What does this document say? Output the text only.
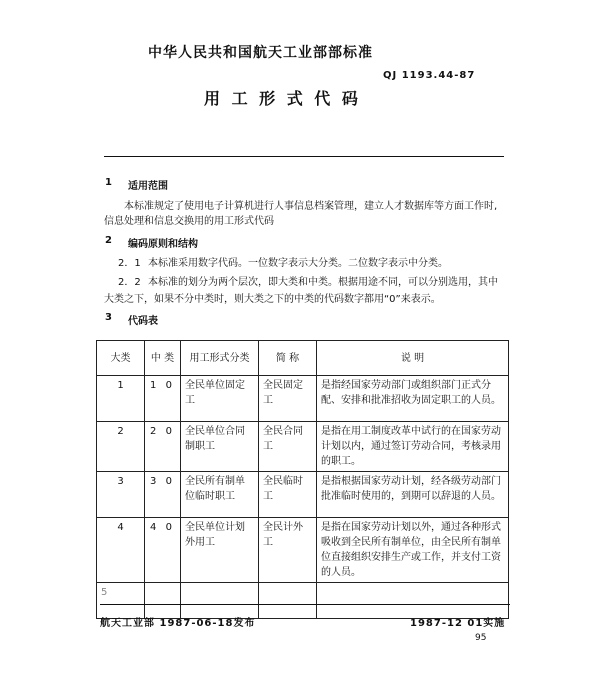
中华人民共和国航天工业部部标准
QJ 1193.44-87
用 工 形 式 代 码
1 适用范围
本标准规定了使用电子计算机进行人事信息档案管理，建立人才数据库等方面工作时,
信息处理和信息交换用的用工形式代码
2 编码原则和结构
2．1 本标准采用数字代码。一位数字表示大分类。二位数字表示中分类。
2．2 本标准的划分为两个层次，即大类和中类。根据用途不同，可以分别选用，其中
大类之下，如果不分中类时，则大类之下的中类的代码数字都用“0”来表示。
3 代码表
大类	中 类	用工形式分类	简 称	说 明
1	1 0	全民单位固定工	全民固定工	是指经国家劳动部门或组织部门正式分配、安排和批准招收为固定职工的人员。
2	2 0	全民单位合同制职工	全民合同工	是指在用工制度改革中试行的在国家劳动计划以内，通过签订劳动合同，考核录用的职工。
3	3 0	全民所有制单位临时职工	全民临时工	是指根据国家劳动计划，经各级劳动部门批准临时使用的，到期可以辞退的人员。
4	4 0	全民单位计划外用工	全民计外工	是指在国家劳动计划以外，通过各种形式吸收到全民所有制单位，由全民所有制单位直接组织安排生产或工作，并支付工资的人员。
5				
航天工业部 1987-06-18发布	1987-12 01实施
95
